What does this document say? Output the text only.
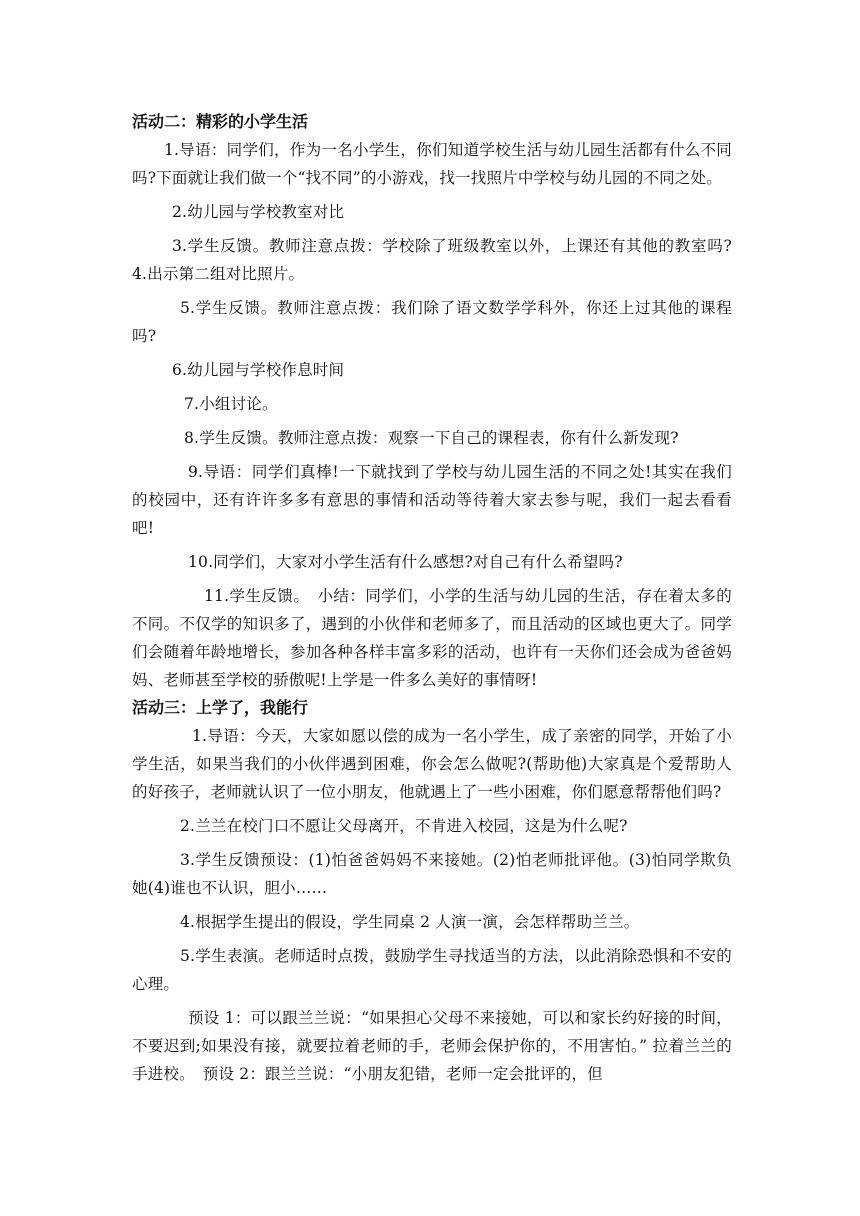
活动二：精彩的小学生活

1.导语：同学们，作为一名小学生，你们知道学校生活与幼儿园生活都有什么不同吗?下面就让我们做一个“找不同”的小游戏，找一找照片中学校与幼儿园的不同之处。

2.幼儿园与学校教室对比

3.学生反馈。教师注意点拨：学校除了班级教室以外，上课还有其他的教室吗? 4.出示第二组对比照片。

5.学生反馈。教师注意点拨：我们除了语文数学学科外，你还上过其他的课程吗?

6.幼儿园与学校作息时间

7.小组讨论。

8.学生反馈。教师注意点拨：观察一下自己的课程表，你有什么新发现?

9.导语：同学们真棒!一下就找到了学校与幼儿园生活的不同之处!其实在我们的校园中，还有许许多多有意思的事情和活动等待着大家去参与呢，我们一起去看看吧!

10.同学们，大家对小学生活有什么感想?对自己有什么希望吗?

11.学生反馈。　小结：同学们，小学的生活与幼儿园的生活，存在着太多的不同。不仅学的知识多了，遇到的小伙伴和老师多了，而且活动的区域也更大了。同学们会随着年龄地增长，参加各种各样丰富多彩的活动，也许有一天你们还会成为爸爸妈妈、老师甚至学校的骄傲呢!上学是一件多么美好的事情呀!

活动三：上学了，我能行

1.导语：今天，大家如愿以偿的成为一名小学生，成了亲密的同学，开始了小学生活，如果当我们的小伙伴遇到困难，你会怎么做呢?(帮助他)大家真是个爱帮助人的好孩子，老师就认识了一位小朋友，他就遇上了一些小困难，你们愿意帮帮他们吗?

2.兰兰在校门口不愿让父母离开，不肯进入校园，这是为什么呢?

3.学生反馈预设：(1)怕爸爸妈妈不来接她。(2)怕老师批评他。(3)怕同学欺负她(4)谁也不认识，胆小……

4.根据学生提出的假设，学生同桌 2 人演一演，会怎样帮助兰兰。

5.学生表演。老师适时点拨，鼓励学生寻找适当的方法，以此消除恐惧和不安的心理。

预设 1：可以跟兰兰说：“如果担心父母不来接她，可以和家长约好接的时间，不要迟到;如果没有接，就要拉着老师的手，老师会保护你的，不用害怕。” 拉着兰兰的手进校。　预设 2：跟兰兰说：“小朋友犯错，老师一定会批评的，但
